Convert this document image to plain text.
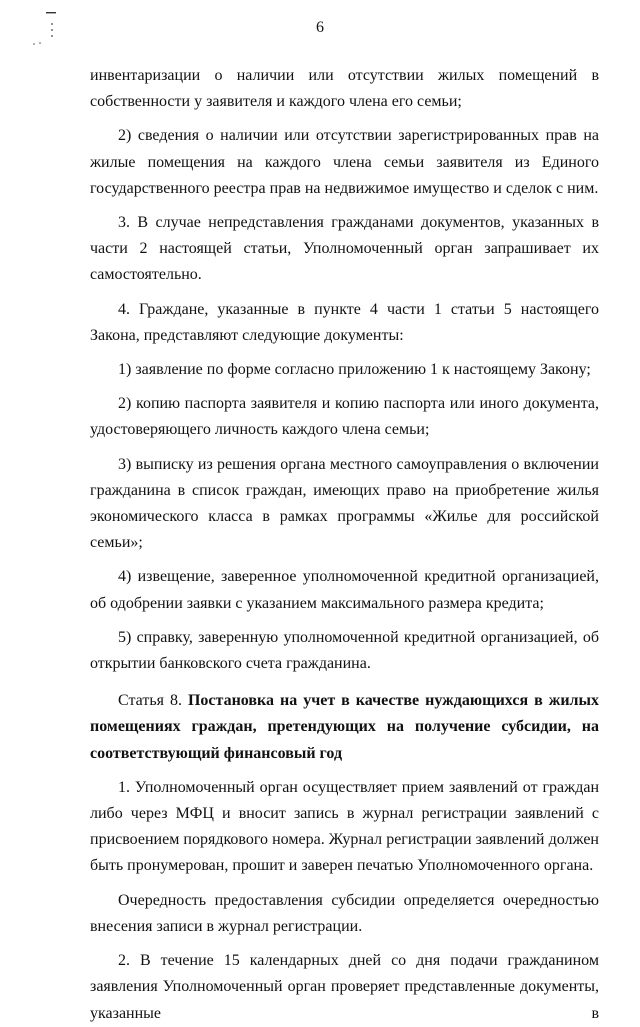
6

инвентаризации о наличии или отсутствии жилых помещений в собственности у заявителя и каждого члена его семьи;

2) сведения о наличии или отсутствии зарегистрированных прав на жилые помещения на каждого члена семьи заявителя из Единого государственного реестра прав на недвижимое имущество и сделок с ним.

3. В случае непредставления гражданами документов, указанных в части 2 настоящей статьи, Уполномоченный орган запрашивает их самостоятельно.

4. Граждане, указанные в пункте 4 части 1 статьи 5 настоящего Закона, представляют следующие документы:

1) заявление по форме согласно приложению 1 к настоящему Закону;

2) копию паспорта заявителя и копию паспорта или иного документа, удостоверяющего личность каждого члена семьи;

3) выписку из решения органа местного самоуправления о включении гражданина в список граждан, имеющих право на приобретение жилья экономического класса в рамках программы «Жилье для российской семьи»;

4) извещение, заверенное уполномоченной кредитной организацией, об одобрении заявки с указанием максимального размера кредита;

5) справку, заверенную уполномоченной кредитной организацией, об открытии банковского счета гражданина.

Статья 8. Постановка на учет в качестве нуждающихся в жилых помещениях граждан, претендующих на получение субсидии, на соответствующий финансовый год

1. Уполномоченный орган осуществляет прием заявлений от граждан либо через МФЦ и вносит запись в журнал регистрации заявлений с присвоением порядкового номера. Журнал регистрации заявлений должен быть пронумерован, прошит и заверен печатью Уполномоченного органа.

Очередность предоставления субсидии определяется очередностью внесения записи в журнал регистрации.

2. В течение 15 календарных дней со дня подачи гражданином заявления Уполномоченный орган проверяет представленные документы, указанные в
